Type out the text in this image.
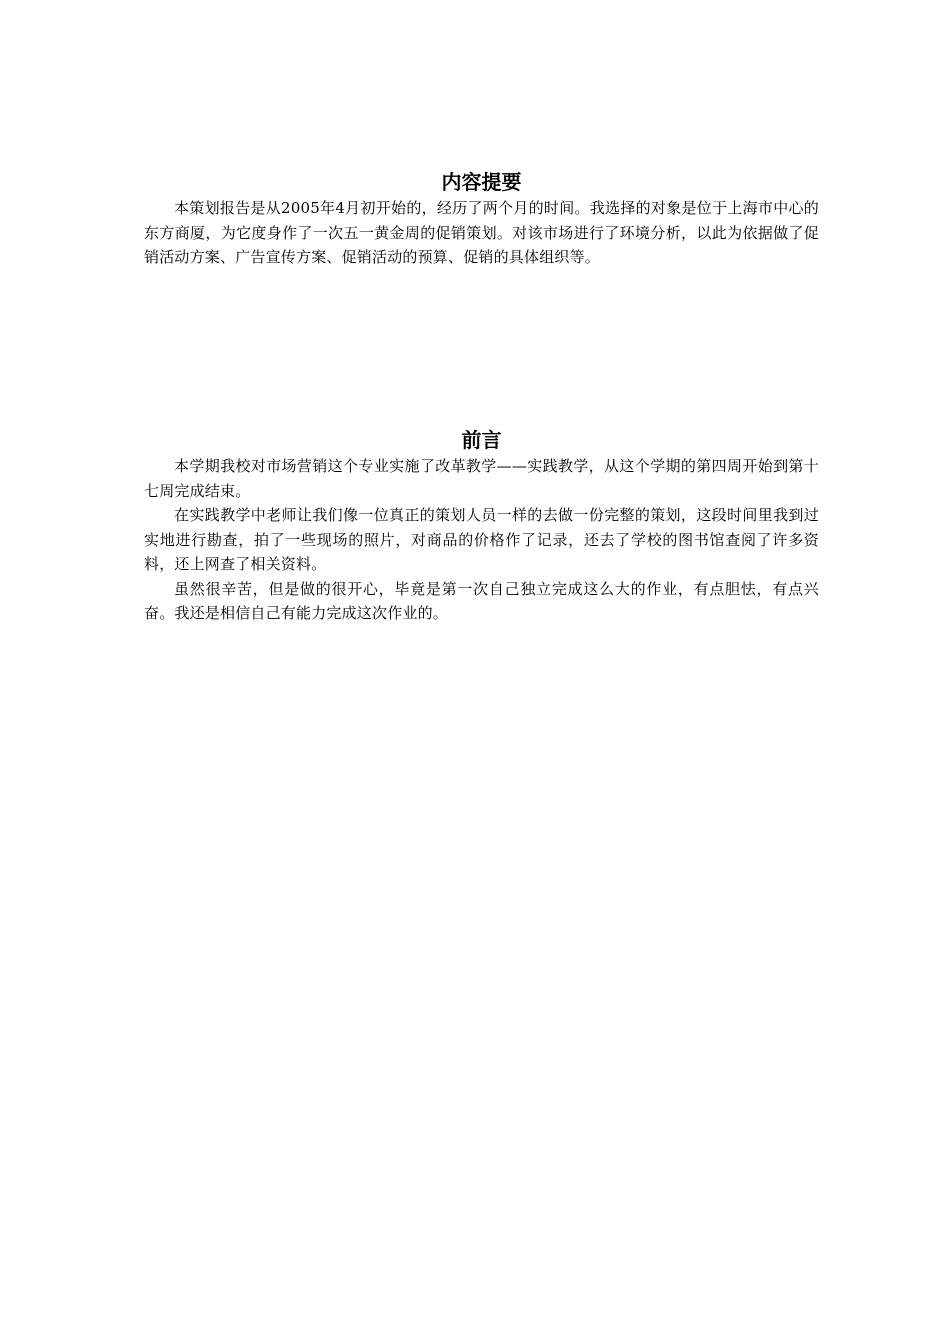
内容提要

本策划报告是从2005年4月初开始的，经历了两个月的时间。我选择的对象是位于上海市中心的东方商厦，为它度身作了一次五一黄金周的促销策划。对该市场进行了环境分析，以此为依据做了促销活动方案、广告宣传方案、促销活动的预算、促销的具体组织等。

前言

本学期我校对市场营销这个专业实施了改革教学——实践教学，从这个学期的第四周开始到第十七周完成结束。

在实践教学中老师让我们像一位真正的策划人员一样的去做一份完整的策划，这段时间里我到过实地进行勘查，拍了一些现场的照片，对商品的价格作了记录，还去了学校的图书馆查阅了许多资料，还上网查了相关资料。

虽然很辛苦，但是做的很开心，毕竟是第一次自己独立完成这么大的作业，有点胆怯，有点兴奋。我还是相信自己有能力完成这次作业的。
